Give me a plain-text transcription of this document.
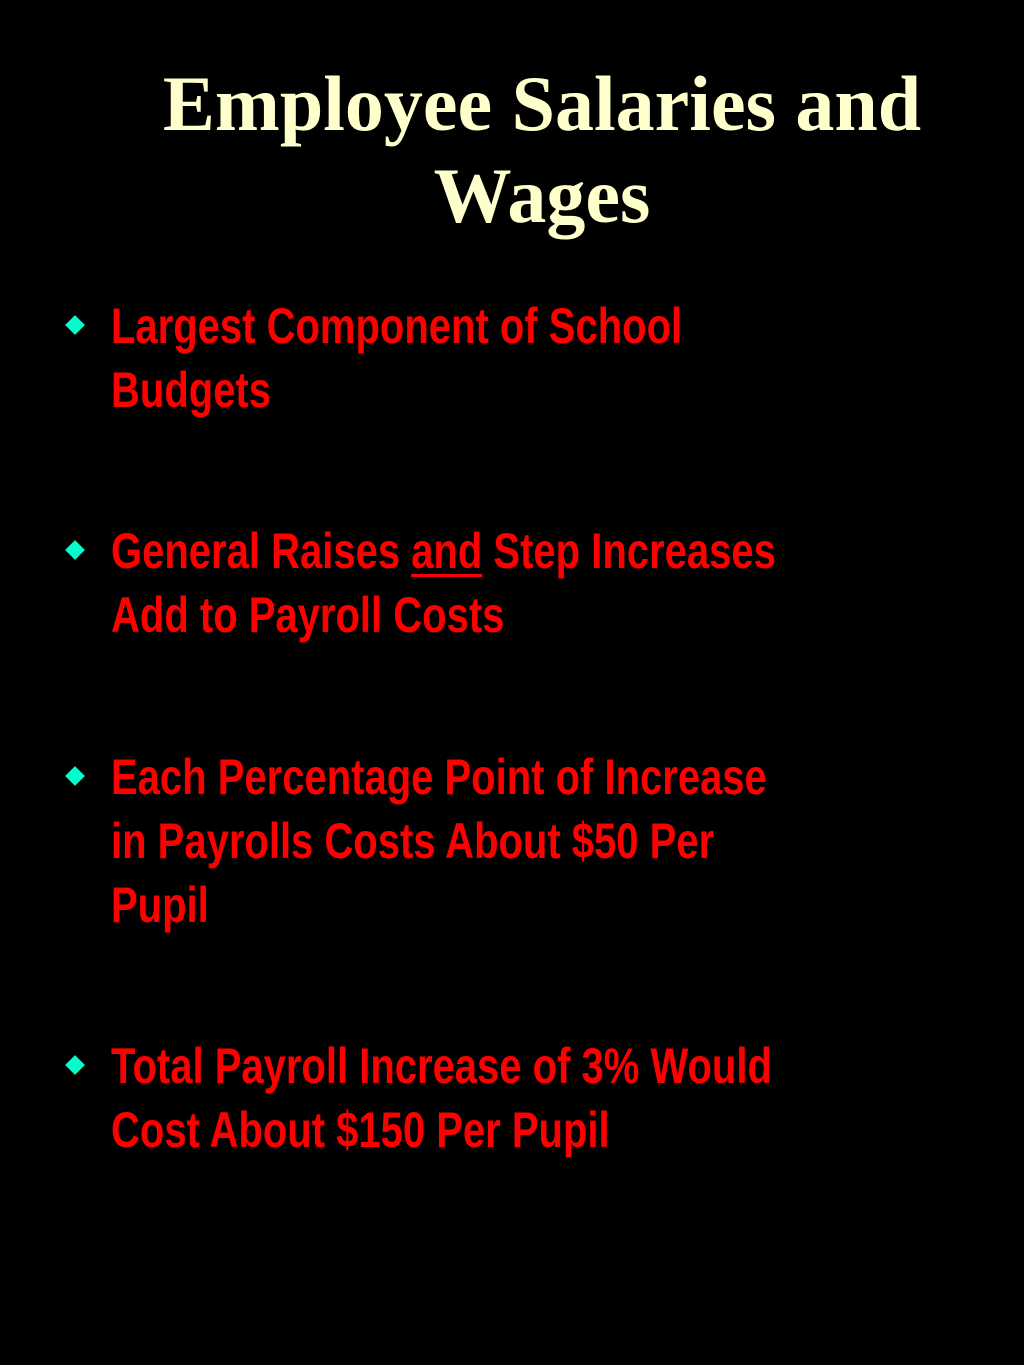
Employee Salaries and
Wages
Largest Component of School
Budgets
General Raises and Step Increases
Add to Payroll Costs
Each Percentage Point of Increase
in Payrolls Costs About $50 Per
Pupil
Total Payroll Increase of 3% Would
Cost About $150 Per Pupil
